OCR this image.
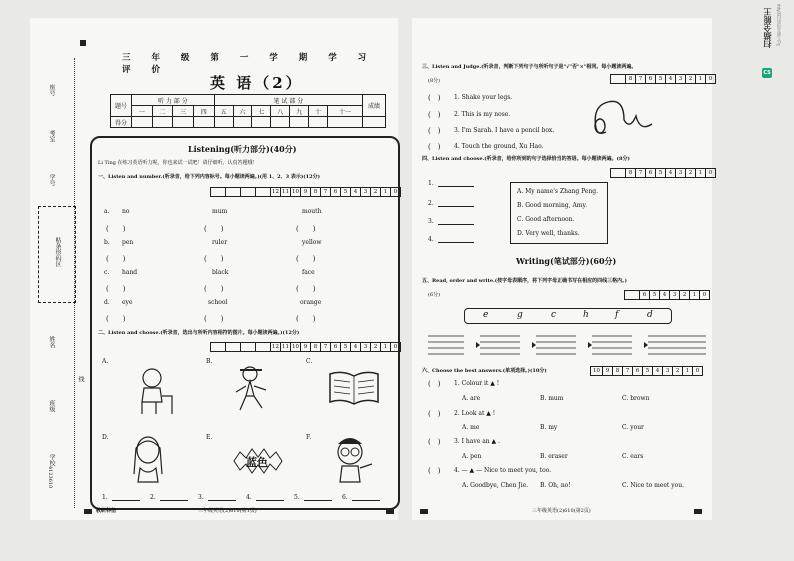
座号
考室
学号
贴条形码区
姓名
线
班级
学校
4123610
三 年 级 第 一 学 期 学 习 评 价
英 语（2）
题号	听 力 部 分				笔 试 部 分							成绩
	一	二	三	四	五	六	七	八	九	十	十一	
得分												
Listening(听力部分)(40分)
Li Ting 在练习英语听力呢，你也来试一试吧！请仔细听，认真答题哦！
一、Listen and number.(听录音，给下列内容标号。每小题读两遍。)(用 1、2、3 表示)(12分)
12 11 10 9	8	7	6	5	4	3	2	1	0
a. no	mum	mouth
(　　)	(　　)	(　　)
b. pen	ruler	yellow
(　　)	(　　)	(　　)
c. hand	black	face
(　　)	(　　)	(　　)
d. eye	school	orange
(　　)	(　　)	(　　)
二、Listen and choose.(听录音，选出与所听内容相符的图片。每小题读两遍。)(12分)
12 11 10 9	8	7	6	5	4	3	2	1	0
A.	B.	C.
D.	E.	F.
蓝色
1.	2.	3.	4.	5.	6.
教研科信	三年级英语(2)610(第1页)
三、Listen and Judge.(听录音，判断下列句子与所听句子是"√"否"×"相同。每小题读两遍。
(8分)	8	7	6	5	4	3	2	1	0
(　) 1. Shake your legs.
(　) 2. This is my nose.
(　) 3. I'm Sarah. I have a pencil box.
(　) 4. Touch the ground, Xu Hao.
四、Listen and choose.(听录音，给你所到的句子选择恰当的答语。每小题读两遍。(8分)
8	7	6	5	4	3	2	1	0
1.
2.
3.
4.
A. My name's Zhang Peng.
B. Good morning, Amy.
C. Good afternoon.
D. Very well, thanks.
Writing(笔试部分)(60分)
五、Read, order and write.(按字母表顺序，将下列字母正确书写在相应的四线三格内。)
(6分)	6	5	4	3	2	1	0
e	g	c	h	f	d
六、Choose the best answers.(单项选择。)(10分)	10	9	8	7	6	5	4	3	2	1	0
(　) 1. Colour it ▲ !
A. are	B. mum	C. brown
(　) 2. Look at ▲ !
A. me	B. my	C. your
(　) 3. I have an ▲ .
A. pen	B. eraser	C. ears
(　) 4. — ▲ — Nice to meet you, too.
A. Goodbye, Chen Jie. B. Oh, no!	C. Nice to meet you.
三年级英语(2)610(第2页)
CS
扫描全能王 3亿人都在用的扫描App
